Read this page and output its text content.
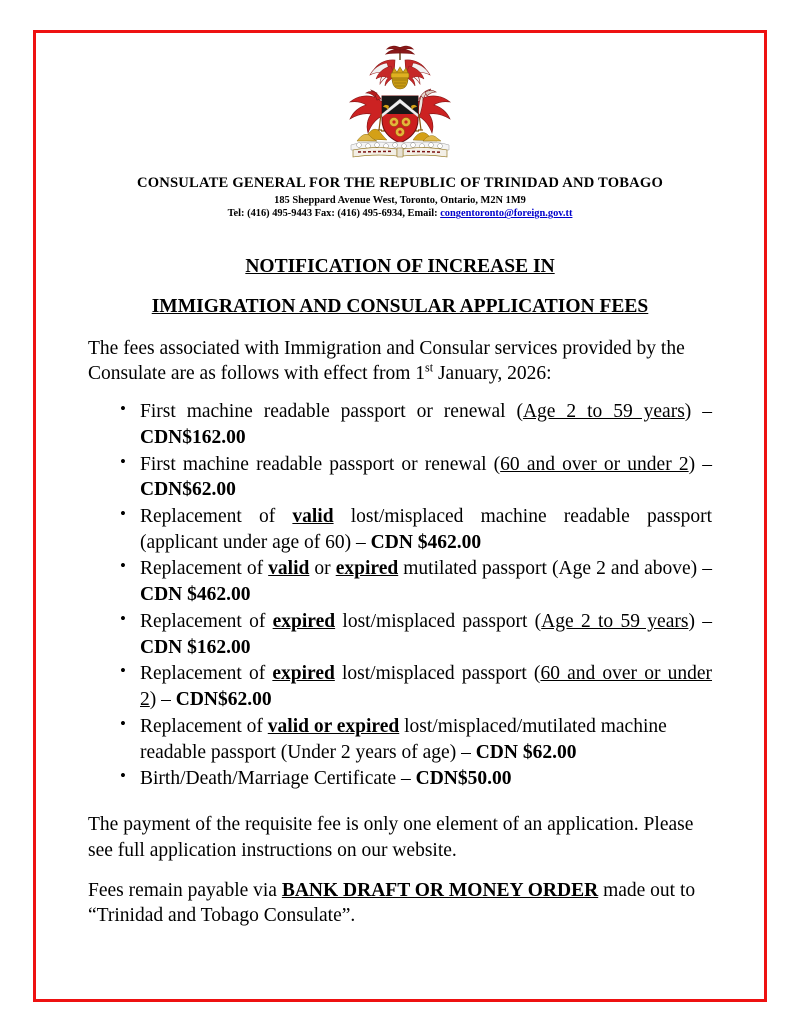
CONSULATE GENERAL FOR THE REPUBLIC OF TRINIDAD AND TOBAGO
185 Sheppard Avenue West, Toronto, Ontario, M2N 1M9
Tel: (416) 495-9443 Fax: (416) 495-6934, Email: congentoronto@foreign.gov.tt
NOTIFICATION OF INCREASE IN
IMMIGRATION AND CONSULAR APPLICATION FEES

The fees associated with Immigration and Consular services provided by the Consulate are as follows with effect from 1st January, 2026:

• First machine readable passport or renewal (Age 2 to 59 years) – CDN$162.00
• First machine readable passport or renewal (60 and over or under 2) – CDN$62.00
• Replacement of valid lost/misplaced machine readable passport (applicant under age of 60) – CDN $462.00
• Replacement of valid or expired mutilated passport (Age 2 and above) – CDN $462.00
• Replacement of expired lost/misplaced passport (Age 2 to 59 years) – CDN $162.00
• Replacement of expired lost/misplaced passport (60 and over or under 2) – CDN$62.00
• Replacement of valid or expired lost/misplaced/mutilated machine readable passport (Under 2 years of age) – CDN $62.00
• Birth/Death/Marriage Certificate – CDN$50.00

The payment of the requisite fee is only one element of an application. Please see full application instructions on our website.

Fees remain payable via BANK DRAFT OR MONEY ORDER made out to “Trinidad and Tobago Consulate”.
